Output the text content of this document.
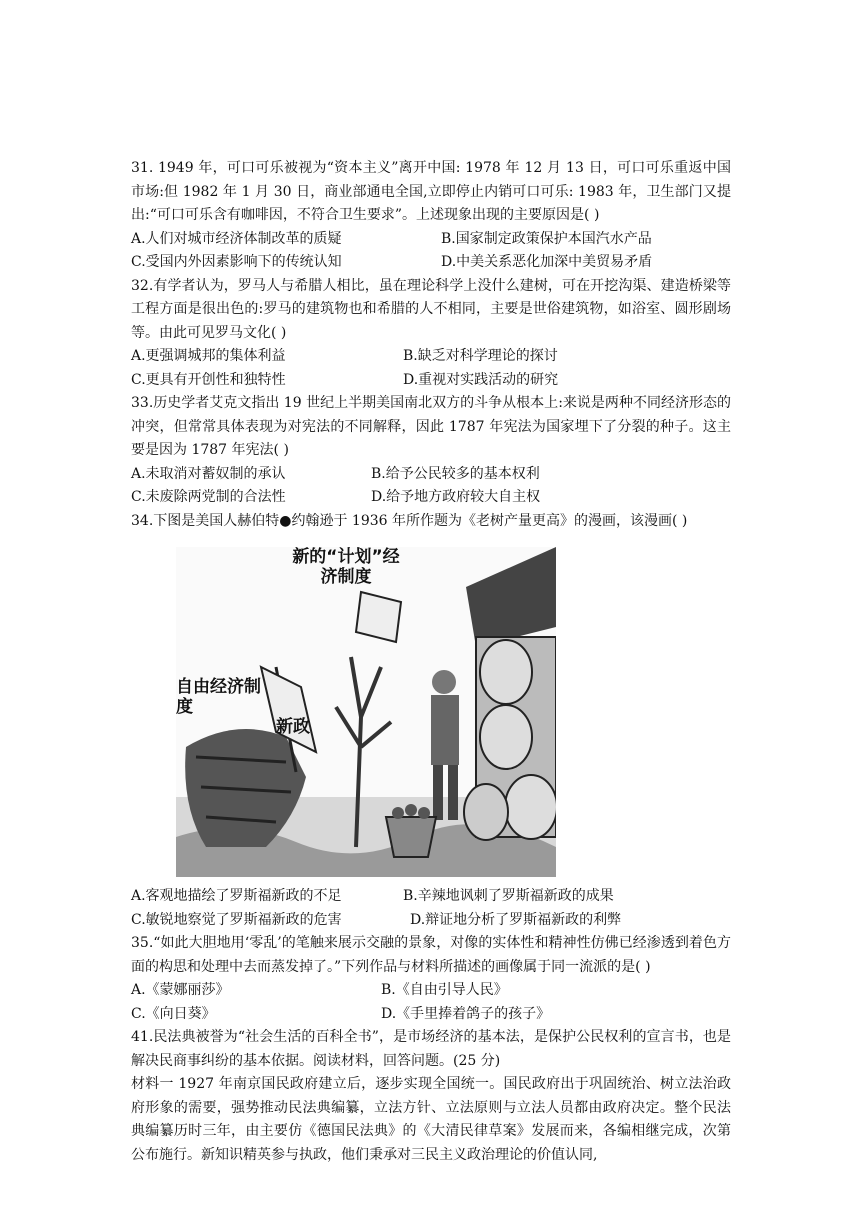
31. 1949 年，可口可乐被视为“资本主义”离开中国: 1978 年 12 月 13 日，可口可乐重返中国市场:但 1982 年 1 月 30 日，商业部通电全国,立即停止内销可口可乐: 1983 年，卫生部门又提出:“可口可乐含有咖啡因，不符合卫生要求”。上述现象出现的主要原因是( )

A.人们对城市经济体制改革的质疑	B.国家制定政策保护本国汽水产品
C.受国内外因素影响下的传统认知	D.中美关系恶化加深中美贸易矛盾

32.有学者认为，罗马人与希腊人相比，虽在理论科学上没什么建树，可在开挖沟渠、建造桥梁等工程方面是很出色的:罗马的建筑物也和希腊的人不相同，主要是世俗建筑物，如浴室、圆形剧场等。由此可见罗马文化( )

A.更强调城邦的集体利益	B.缺乏对科学理论的探讨
C.更具有开创性和独特性	D.重视对实践活动的研究

33.历史学者艾克文指出 19 世纪上半期美国南北双方的斗争从根本上:来说是两种不同经济形态的冲突，但常常具体表现为对宪法的不同解释，因此 1787 年宪法为国家埋下了分裂的种子。这主要是因为 1787 年宪法( )

A.未取消对蓄奴制的承认	B.给予公民较多的基本权利
C.未废除两党制的合法性	D.给予地方政府较大自主权

34.下图是美国人赫伯特●约翰逊于 1936 年所作题为《老树产量更高》的漫画，该漫画( )

新的“计划”经济制度
自由经济制度
新政
A.客观地描绘了罗斯福新政的不足	B.辛辣地讽刺了罗斯福新政的成果
C.敏锐地察觉了罗斯福新政的危害	D.辩证地分析了罗斯福新政的利弊

35.“如此大胆地用‘零乱’的笔触来展示交融的景象，对像的实体性和精神性仿佛已经渗透到着色方面的构思和处理中去而蒸发掉了。”下列作品与材料所描述的画像属于同一流派的是( )

A.《蒙娜丽莎》	B.《自由引导人民》
C.《向日葵》	D.《手里捧着鸽子的孩子》

41.民法典被誉为“社会生活的百科全书”，是市场经济的基本法，是保护公民权利的宣言书，也是解决民商事纠纷的基本依据。阅读材料，回答问题。(25 分)

材料一 1927 年南京国民政府建立后，逐步实现全国统一。国民政府出于巩固统治、树立法治政府形象的需要，强势推动民法典编纂，立法方针、立法原则与立法人员都由政府决定。整个民法典编纂历时三年，由主要仿《德国民法典》的《大清民律草案》发展而来，各编相继完成，次第公布施行。新知识精英参与执政，他们秉承对三民主义政治理论的价值认同,
